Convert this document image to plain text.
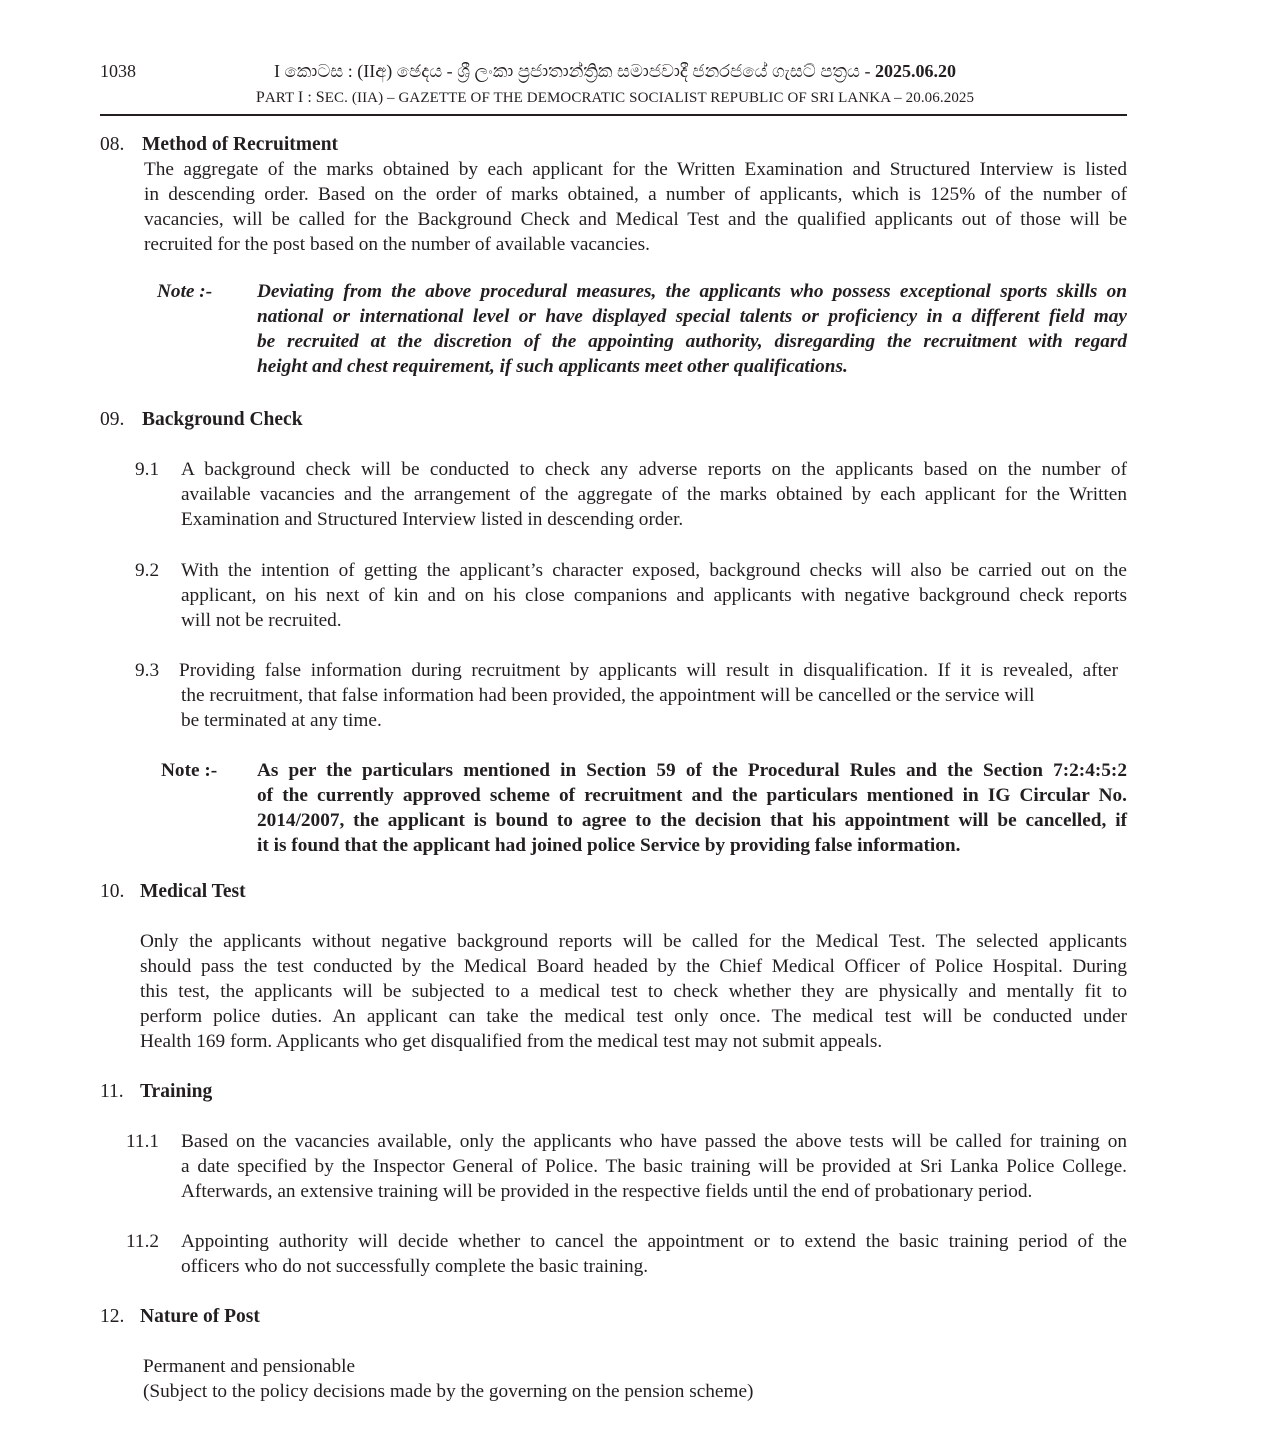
1038	I කොටස : (IIඅ) ඡෙදය - ශ්‍රී ලංකා ප්‍රජාතාන්ත්‍රික සමාජවාදී ජනරජයේ ගැසට් පත්‍රය - 2025.06.20
PART I : SEC. (IIA) – GAZETTE OF THE DEMOCRATIC SOCIALIST REPUBLIC OF SRI LANKA – 20.06.2025
08. Method of Recruitment
The aggregate of the marks obtained by each applicant for the Written Examination and Structured Interview is listed
in descending order. Based on the order of marks obtained, a number of applicants, which is 125% of the number of
vacancies, will be called for the Background Check and Medical Test and the qualified applicants out of those will be
recruited for the post based on the number of available vacancies.
Note :- Deviating from the above procedural measures, the applicants who possess exceptional sports skills on
national or international level or have displayed special talents or proficiency in a different field may
be recruited at the discretion of the appointing authority, disregarding the recruitment with regard
height and chest requirement, if such applicants meet other qualifications.
09. Background Check
9.1 A background check will be conducted to check any adverse reports on the applicants based on the number of
available vacancies and the arrangement of the aggregate of the marks obtained by each applicant for the Written
Examination and Structured Interview listed in descending order.
9.2 With the intention of getting the applicant’s character exposed, background checks will also be carried out on the
applicant, on his next of kin and on his close companions and applicants with negative background check reports
will not be recruited.
9.3 Providing false information during recruitment by applicants will result in disqualification. If it is revealed, after
the recruitment, that false information had been provided, the appointment will be cancelled or the service will
be terminated at any time.
Note :- As per the particulars mentioned in Section 59 of the Procedural Rules and the Section 7:2:4:5:2
of the currently approved scheme of recruitment and the particulars mentioned in IG Circular No.
2014/2007, the applicant is bound to agree to the decision that his appointment will be cancelled, if
it is found that the applicant had joined police Service by providing false information.
10. Medical Test
Only the applicants without negative background reports will be called for the Medical Test. The selected applicants
should pass the test conducted by the Medical Board headed by the Chief Medical Officer of Police Hospital. During
this test, the applicants will be subjected to a medical test to check whether they are physically and mentally fit to
perform police duties. An applicant can take the medical test only once. The medical test will be conducted under
Health 169 form. Applicants who get disqualified from the medical test may not submit appeals.
11. Training
11.1 Based on the vacancies available, only the applicants who have passed the above tests will be called for training on
a date specified by the Inspector General of Police. The basic training will be provided at Sri Lanka Police College.
Afterwards, an extensive training will be provided in the respective fields until the end of probationary period.
11.2 Appointing authority will decide whether to cancel the appointment or to extend the basic training period of the
officers who do not successfully complete the basic training.
12. Nature of Post
Permanent and pensionable
(Subject to the policy decisions made by the governing on the pension scheme)
